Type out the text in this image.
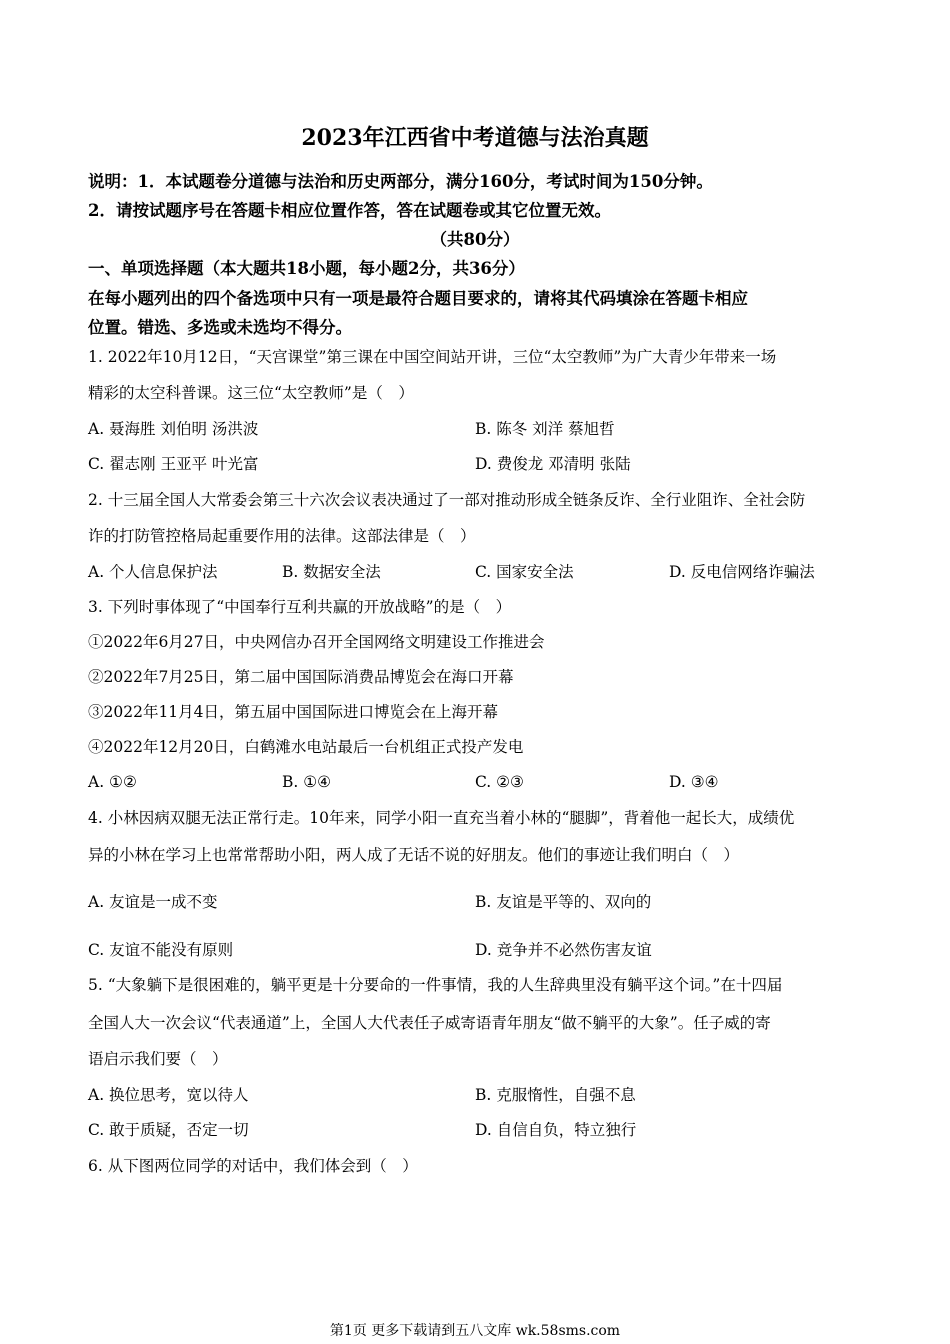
2023年江西省中考道德与法治真题
说明：1．本试题卷分道德与法治和历史两部分，满分160分，考试时间为150分钟。
2．请按试题序号在答题卡相应位置作答，答在试题卷或其它位置无效。
（共80分）
一、单项选择题（本大题共18小题，每小题2分，共36分）
在每小题列出的四个备选项中只有一项是最符合题目要求的，请将其代码填涂在答题卡相应
位置。错选、多选或未选均不得分。
1. 2022年10月12日，“天宫课堂”第三课在中国空间站开讲，三位“太空教师”为广大青少年带来一场
精彩的太空科普课。这三位“太空教师”是（　）
A. 聂海胜 刘伯明 汤洪波	B. 陈冬 刘洋 蔡旭哲
C. 翟志刚 王亚平 叶光富	D. 费俊龙 邓清明 张陆
2. 十三届全国人大常委会第三十六次会议表决通过了一部对推动形成全链条反诈、全行业阻诈、全社会防
诈的打防管控格局起重要作用的法律。这部法律是（　）
A. 个人信息保护法	B. 数据安全法	C. 国家安全法	D. 反电信网络诈骗法
3. 下列时事体现了“中国奉行互利共赢的开放战略”的是（　）
①2022年6月27日，中央网信办召开全国网络文明建设工作推进会
②2022年7月25日，第二届中国国际消费品博览会在海口开幕
③2022年11月4日，第五届中国国际进口博览会在上海开幕
④2022年12月20日，白鹤滩水电站最后一台机组正式投产发电
A. ①②	B. ①④	C. ②③	D. ③④
4. 小林因病双腿无法正常行走。10年来，同学小阳一直充当着小林的“腿脚”，背着他一起长大，成绩优
异的小林在学习上也常常帮助小阳，两人成了无话不说的好朋友。他们的事迹让我们明白（　）
A. 友谊是一成不变	B. 友谊是平等的、双向的
C. 友谊不能没有原则	D. 竞争并不必然伤害友谊
5. “大象躺下是很困难的，躺平更是十分要命的一件事情，我的人生辞典里没有躺平这个词。”在十四届
全国人大一次会议“代表通道”上，全国人大代表任子威寄语青年朋友“做不躺平的大象”。任子威的寄
语启示我们要（　）
A. 换位思考，宽以待人	B. 克服惰性，自强不息
C. 敢于质疑，否定一切	D. 自信自负，特立独行
6. 从下图两位同学的对话中，我们体会到（　）
第1页 更多下载请到五八文库 wk.58sms.com
